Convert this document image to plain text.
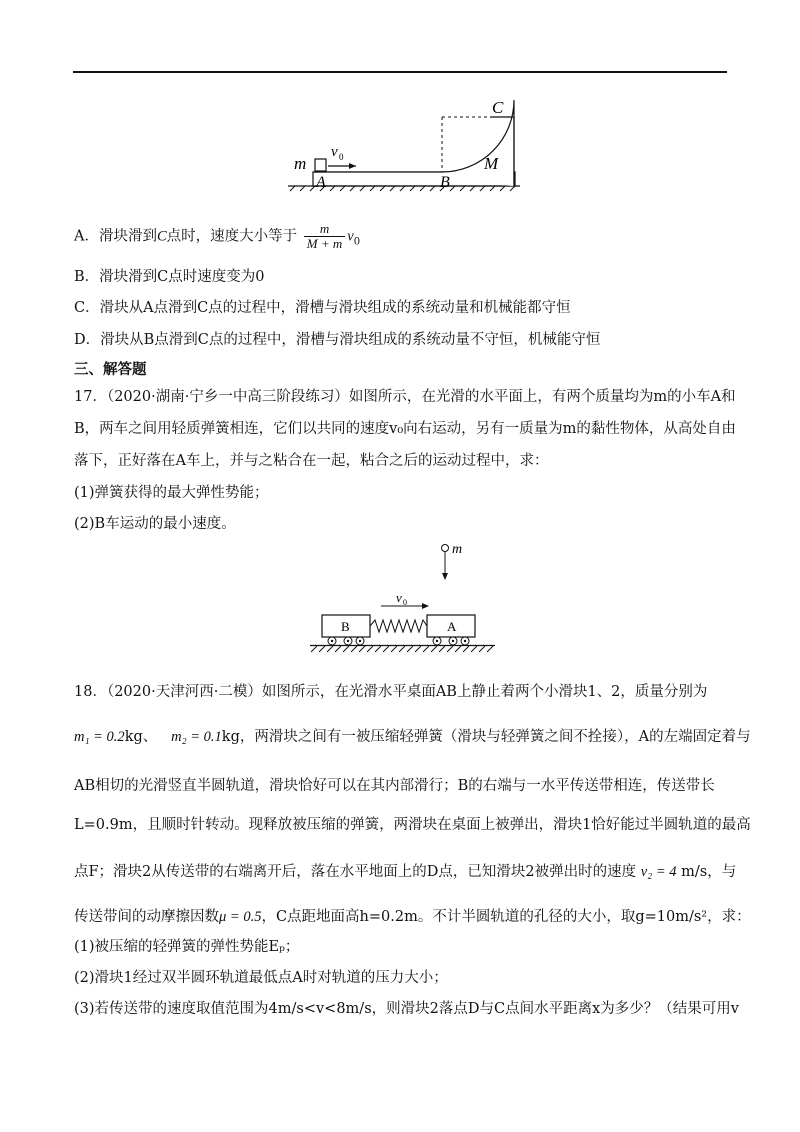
m
v 0
A	B
C
M
A．滑块滑到C点时，速度大小等于 $\frac{m}{M + m} v_0$
B．滑块滑到C点时速度变为0
C．滑块从A点滑到C点的过程中，滑槽与滑块组成的系统动量和机械能都守恒
D．滑块从B点滑到C点的过程中，滑槽与滑块组成的系统动量不守恒，机械能守恒
三、解答题
17．（2020·湖南·宁乡一中高三阶段练习）如图所示，在光滑的水平面上，有两个质量均为m的小车A和
B，两车之间用轻质弹簧相连，它们以共同的速度v₀向右运动，另有一质量为m的黏性物体，从高处自由
落下，正好落在A车上，并与之粘合在一起，粘合之后的运动过程中，求：
(1)弹簧获得的最大弹性势能；
(2)B车运动的最小速度。
m
v 0
B	A
18．（2020·天津河西·二模）如图所示，在光滑水平桌面AB上静止着两个小滑块1、2，质量分别为
m₁ = 0.2kg、 m₂ = 0.1kg，两滑块之间有一被压缩轻弹簧（滑块与轻弹簧之间不拴接），A的左端固定着与
AB相切的光滑竖直半圆轨道，滑块恰好可以在其内部滑行；B的右端与一水平传送带相连，传送带长
L=0.9m，且顺时针转动。现释放被压缩的弹簧，两滑块在桌面上被弹出，滑块1恰好能过半圆轨道的最高
点F；滑块2从传送带的右端离开后，落在水平地面上的D点，已知滑块2被弹出时的速度 v₂ = 4 m/s，与
传送带间的动摩擦因数μ = 0.5，C点距地面高h=0.2m。不计半圆轨道的孔径的大小，取g=10m/s²，求：
(1)被压缩的轻弹簧的弹性势能Eₚ；
(2)滑块1经过双半圆环轨道最低点A时对轨道的压力大小；
(3)若传送带的速度取值范围为4m/s<v<8m/s，则滑块2落点D与C点间水平距离x为多少？（结果可用v
